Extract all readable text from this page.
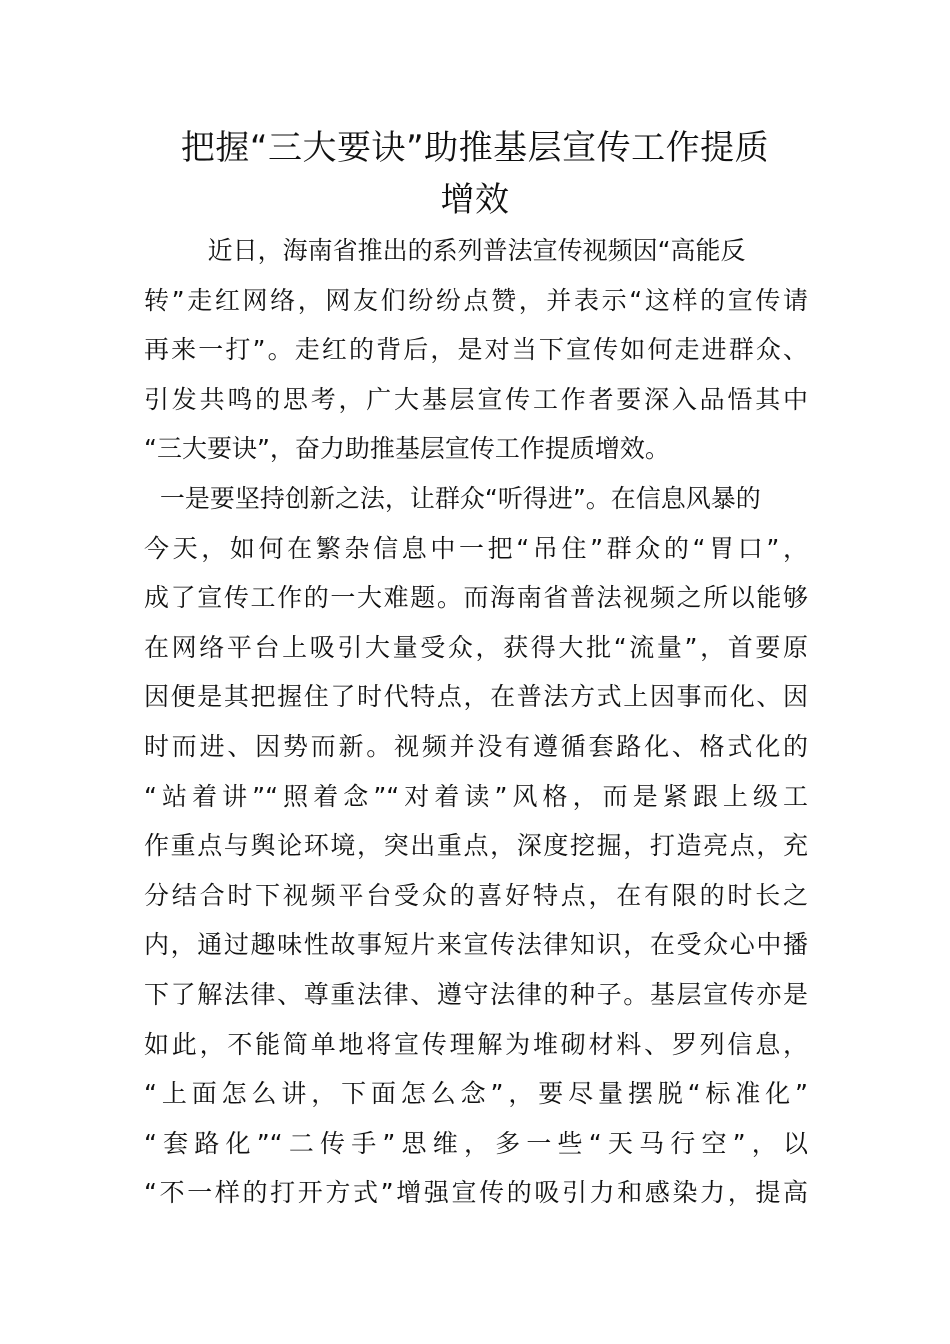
把握“三大要诀”助推基层宣传工作提质
增效
近日，海南省推出的系列普法宣传视频因“高能反
转”走红网络，网友们纷纷点赞，并表示“这样的宣传请
再来一打”。走红的背后，是对当下宣传如何走进群众、
引发共鸣的思考，广大基层宣传工作者要深入品悟其中
“三大要诀”，奋力助推基层宣传工作提质增效。
一是要坚持创新之法，让群众“听得进”。在信息风暴的
今天，如何在繁杂信息中一把“吊住”群众的“胃口”，
成了宣传工作的一大难题。而海南省普法视频之所以能够
在网络平台上吸引大量受众，获得大批“流量”，首要原
因便是其把握住了时代特点，在普法方式上因事而化、因
时而进、因势而新。视频并没有遵循套路化、格式化的
“站着讲”“照着念”“对着读”风格，而是紧跟上级工
作重点与舆论环境，突出重点，深度挖掘，打造亮点，充
分结合时下视频平台受众的喜好特点，在有限的时长之
内，通过趣味性故事短片来宣传法律知识，在受众心中播
下了解法律、尊重法律、遵守法律的种子。基层宣传亦是
如此，不能简单地将宣传理解为堆砌材料、罗列信息，
“上面怎么讲，下面怎么念”，要尽量摆脱“标准化”
“套路化”“二传手”思维，多一些“天马行空”，以
“不一样的打开方式”增强宣传的吸引力和感染力，提高
